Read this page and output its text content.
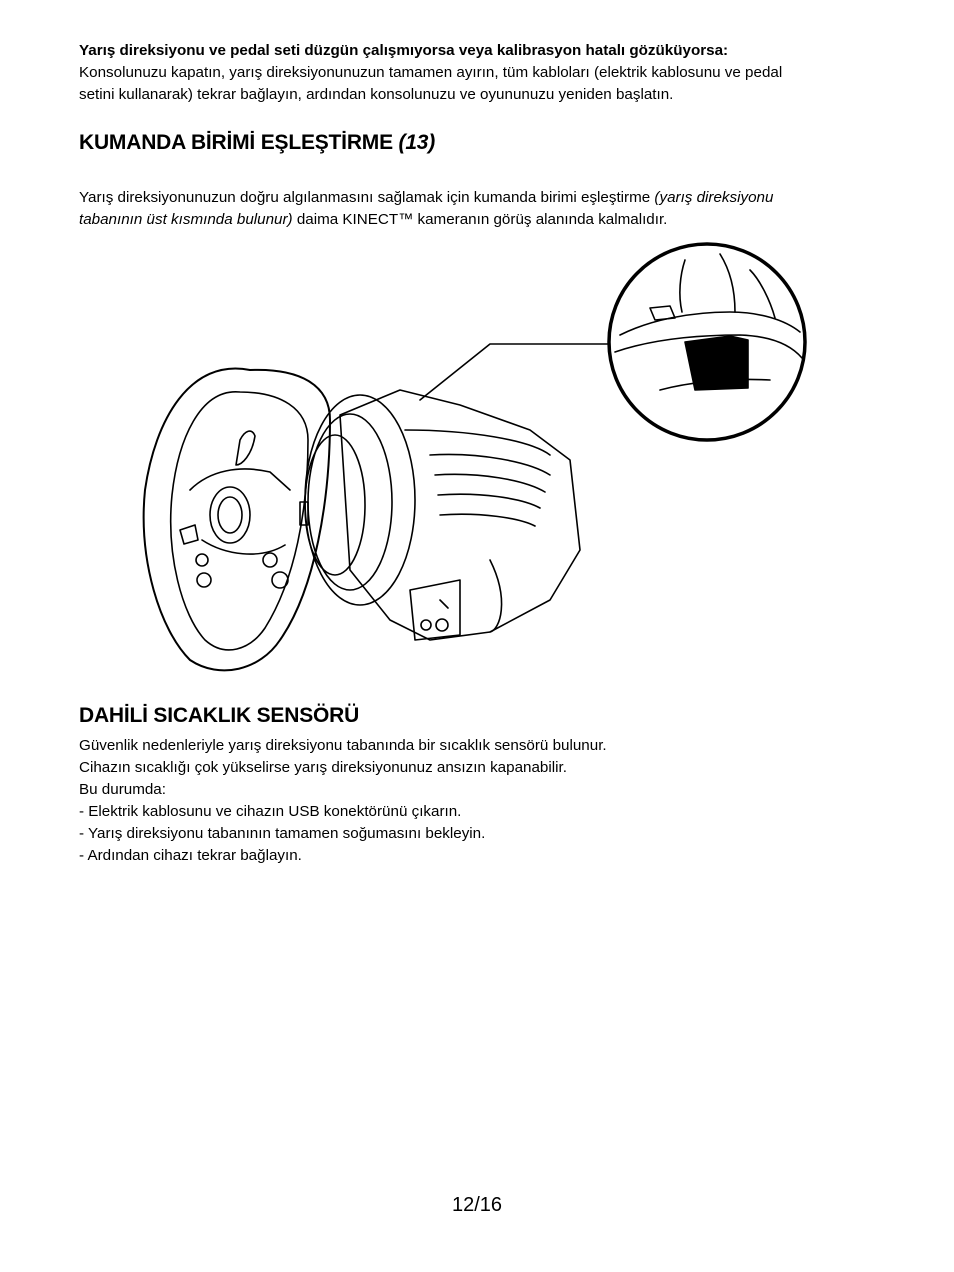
Yarış direksiyonu ve pedal seti düzgün çalışmıyorsa veya kalibrasyon hatalı gözüküyorsa:
Konsolunuzu kapatın, yarış direksiyonunuzun tamamen ayırın, tüm kabloları (elektrik kablosunu ve pedal
setini kullanarak) tekrar bağlayın, ardından konsolunuzu ve oyununuzu yeniden başlatın.
KUMANDA BİRİMİ EŞLEŞTİRME (13)
Yarış direksiyonunuzun doğru algılanmasını sağlamak için kumanda birimi eşleştirme (yarış direksiyonu tabanının üst kısmında bulunur) daima KINECT™ kameranın görüş alanında kalmalıdır.
DAHİLİ SICAKLIK SENSÖRÜ
Güvenlik nedenleriyle yarış direksiyonu tabanında bir sıcaklık sensörü bulunur.
Cihazın sıcaklığı çok yükselirse yarış direksiyonunuz ansızın kapanabilir.
Bu durumda:
- Elektrik kablosunu ve cihazın USB konektörünü çıkarın.
- Yarış direksiyonu tabanının tamamen soğumasını bekleyin.
- Ardından cihazı tekrar bağlayın.
12/16
